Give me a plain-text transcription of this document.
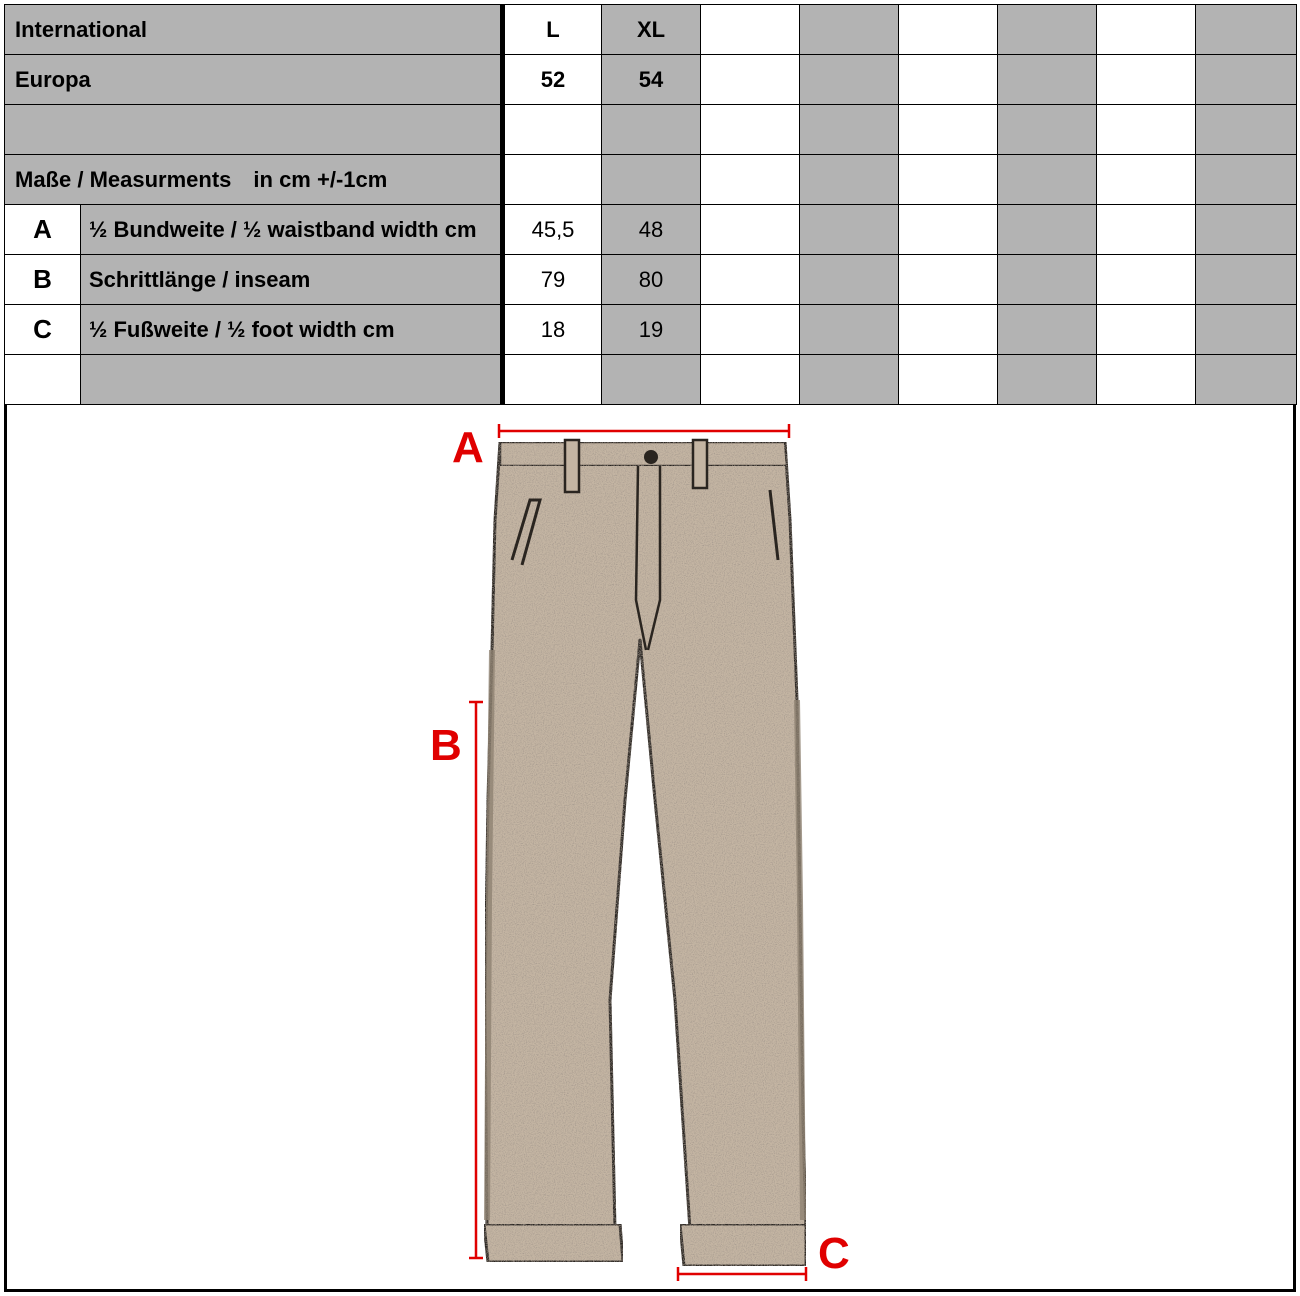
International		L	XL						
Europa		52	54						

Maße / Measurments in cm +/-1cm									
A	½ Bundweite / ½ waistband width cm	45,5	48						
B	Schrittlänge / inseam	79	80						
C	½ Fußweite / ½ foot width cm	18	19						

A
B
C
